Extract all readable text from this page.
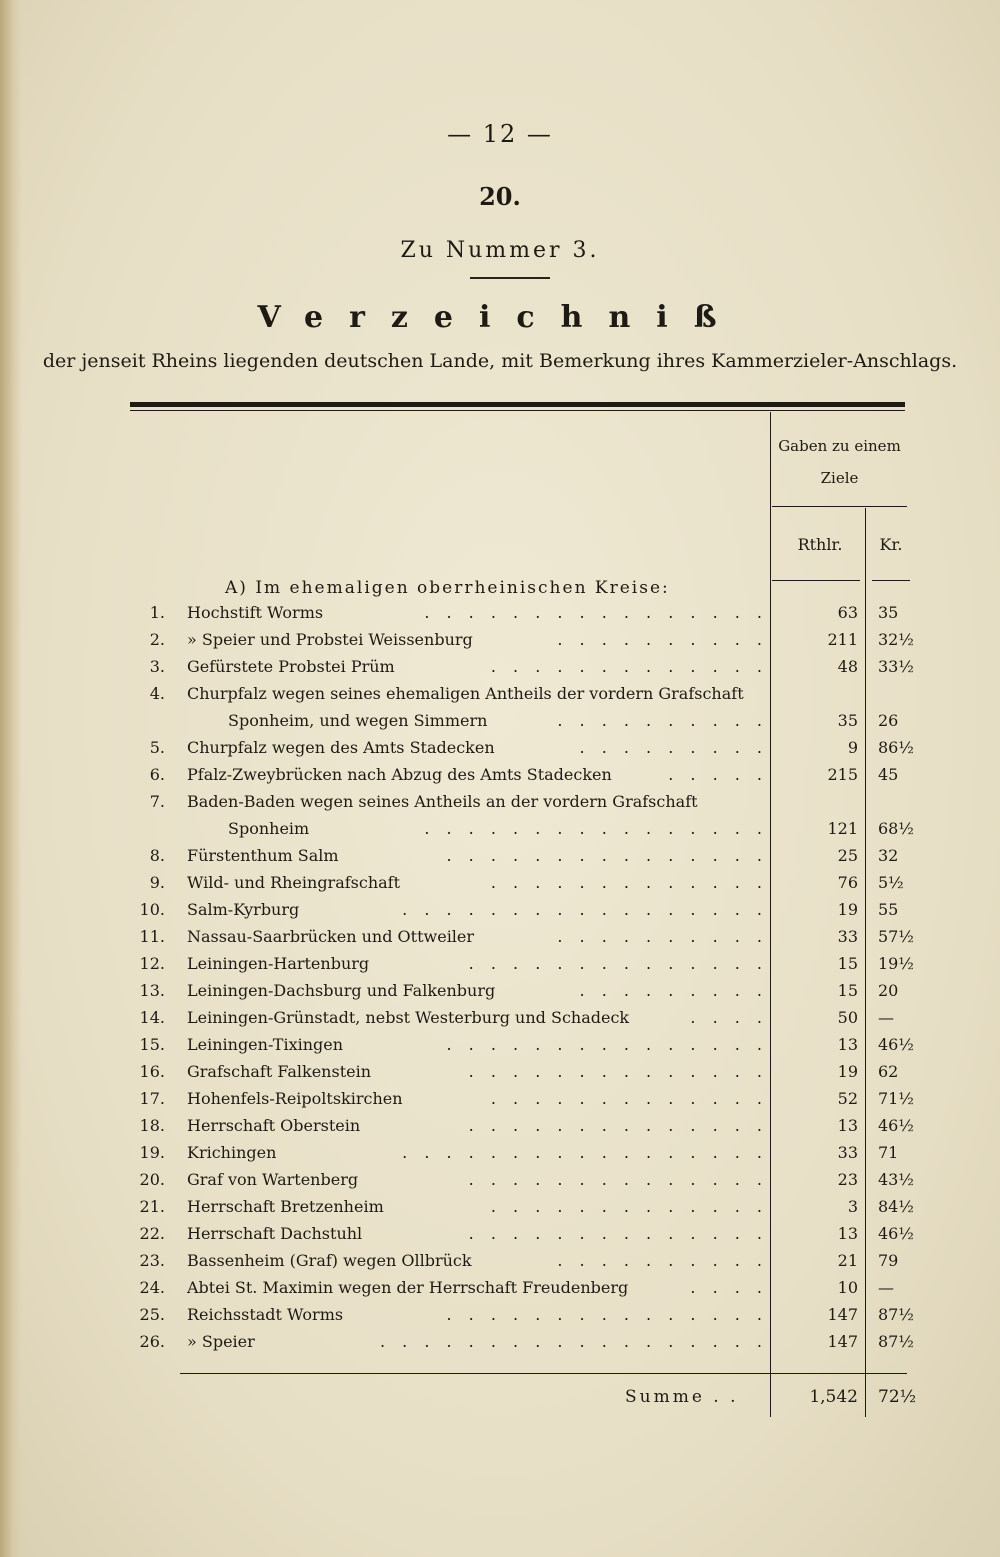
— 12 —
20.
Zu Nummer 3.
Verzeichniß
der jenseit Rheins liegenden deutschen Lande, mit Bemerkung ihres Kammerzieler-Anschlags.
Gaben zu einem
Ziele
Rthlr.	Kr.
A) Im ehemaligen oberrheinischen Kreise:
1. Hochstift Worms	. . . . . . . . . . . . . . . .	63 35
2. » Speier und Probstei Weissenburg	. . . . . . . . . .	211 32½
3. Gefürstete Probstei Prüm	. . . . . . . . . . . . .	48 33½
4. Churpfalz wegen seines ehemaligen Antheils der vordern Grafschaft
Sponheim, und wegen Simmern	. . . . . . . . . .	35 26
5. Churpfalz wegen des Amts Stadecken	. . . . . . . . .	9 86½
6. Pfalz-Zweybrücken nach Abzug des Amts Stadecken	. . . . .	215 45
7. Baden-Baden wegen seines Antheils an der vordern Grafschaft
Sponheim	. . . . . . . . . . . . . . . .	121 68½
8. Fürstenthum Salm	. . . . . . . . . . . . . . .	25 32
9. Wild- und Rheingrafschaft	. . . . . . . . . . . . .	76 5½
10. Salm-Kyrburg	. . . . . . . . . . . . . . . . .	19 55
11. Nassau-Saarbrücken und Ottweiler	. . . . . . . . . .	33 57½
12. Leiningen-Hartenburg	. . . . . . . . . . . . . .	15 19½
13. Leiningen-Dachsburg und Falkenburg	. . . . . . . . .	15 20
14. Leiningen-Grünstadt, nebst Westerburg und Schadeck	. . . .	50 —
15. Leiningen-Tixingen	. . . . . . . . . . . . . . .	13 46½
16. Grafschaft Falkenstein	. . . . . . . . . . . . . .	19 62
17. Hohenfels-Reipoltskirchen	. . . . . . . . . . . . .	52 71½
18. Herrschaft Oberstein	. . . . . . . . . . . . . .	13 46½
19. Krichingen	. . . . . . . . . . . . . . . . .	33 71
20. Graf von Wartenberg	. . . . . . . . . . . . . .	23 43½
21. Herrschaft Bretzenheim	. . . . . . . . . . . . .	3 84½
22. Herrschaft Dachstuhl	. . . . . . . . . . . . . .	13 46½
23. Bassenheim (Graf) wegen Ollbrück	. . . . . . . . . .	21 79
24. Abtei St. Maximin wegen der Herrschaft Freudenberg	. . . .	10 —
25. Reichsstadt Worms	. . . . . . . . . . . . . . .	147 87½
26. » Speier	. . . . . . . . . . . . . . . . . .	147 87½
Summe . .	1,542 72½
